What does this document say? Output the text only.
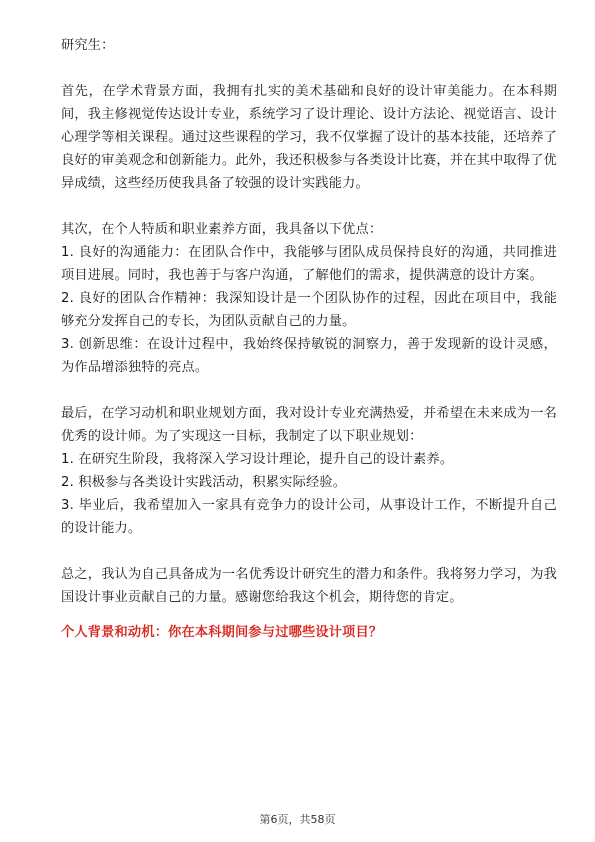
研究生：

首先，在学术背景方面，我拥有扎实的美术基础和良好的设计审美能力。在本科期间，我主修视觉传达设计专业，系统学习了设计理论、设计方法论、视觉语言、设计心理学等相关课程。通过这些课程的学习，我不仅掌握了设计的基本技能，还培养了良好的审美观念和创新能力。此外，我还积极参与各类设计比赛，并在其中取得了优异成绩，这些经历使我具备了较强的设计实践能力。

其次，在个人特质和职业素养方面，我具备以下优点：

1. 良好的沟通能力：在团队合作中，我能够与团队成员保持良好的沟通，共同推进项目进展。同时，我也善于与客户沟通，了解他们的需求，提供满意的设计方案。

2. 良好的团队合作精神：我深知设计是一个团队协作的过程，因此在项目中，我能够充分发挥自己的专长，为团队贡献自己的力量。

3. 创新思维：在设计过程中，我始终保持敏锐的洞察力，善于发现新的设计灵感，为作品增添独特的亮点。

最后，在学习动机和职业规划方面，我对设计专业充满热爱，并希望在未来成为一名优秀的设计师。为了实现这一目标，我制定了以下职业规划：

1. 在研究生阶段，我将深入学习设计理论，提升自己的设计素养。

2. 积极参与各类设计实践活动，积累实际经验。

3. 毕业后，我希望加入一家具有竞争力的设计公司，从事设计工作，不断提升自己的设计能力。

总之，我认为自己具备成为一名优秀设计研究生的潜力和条件。我将努力学习，为我国设计事业贡献自己的力量。感谢您给我这个机会，期待您的肯定。

个人背景和动机：你在本科期间参与过哪些设计项目？

第6页，共58页
